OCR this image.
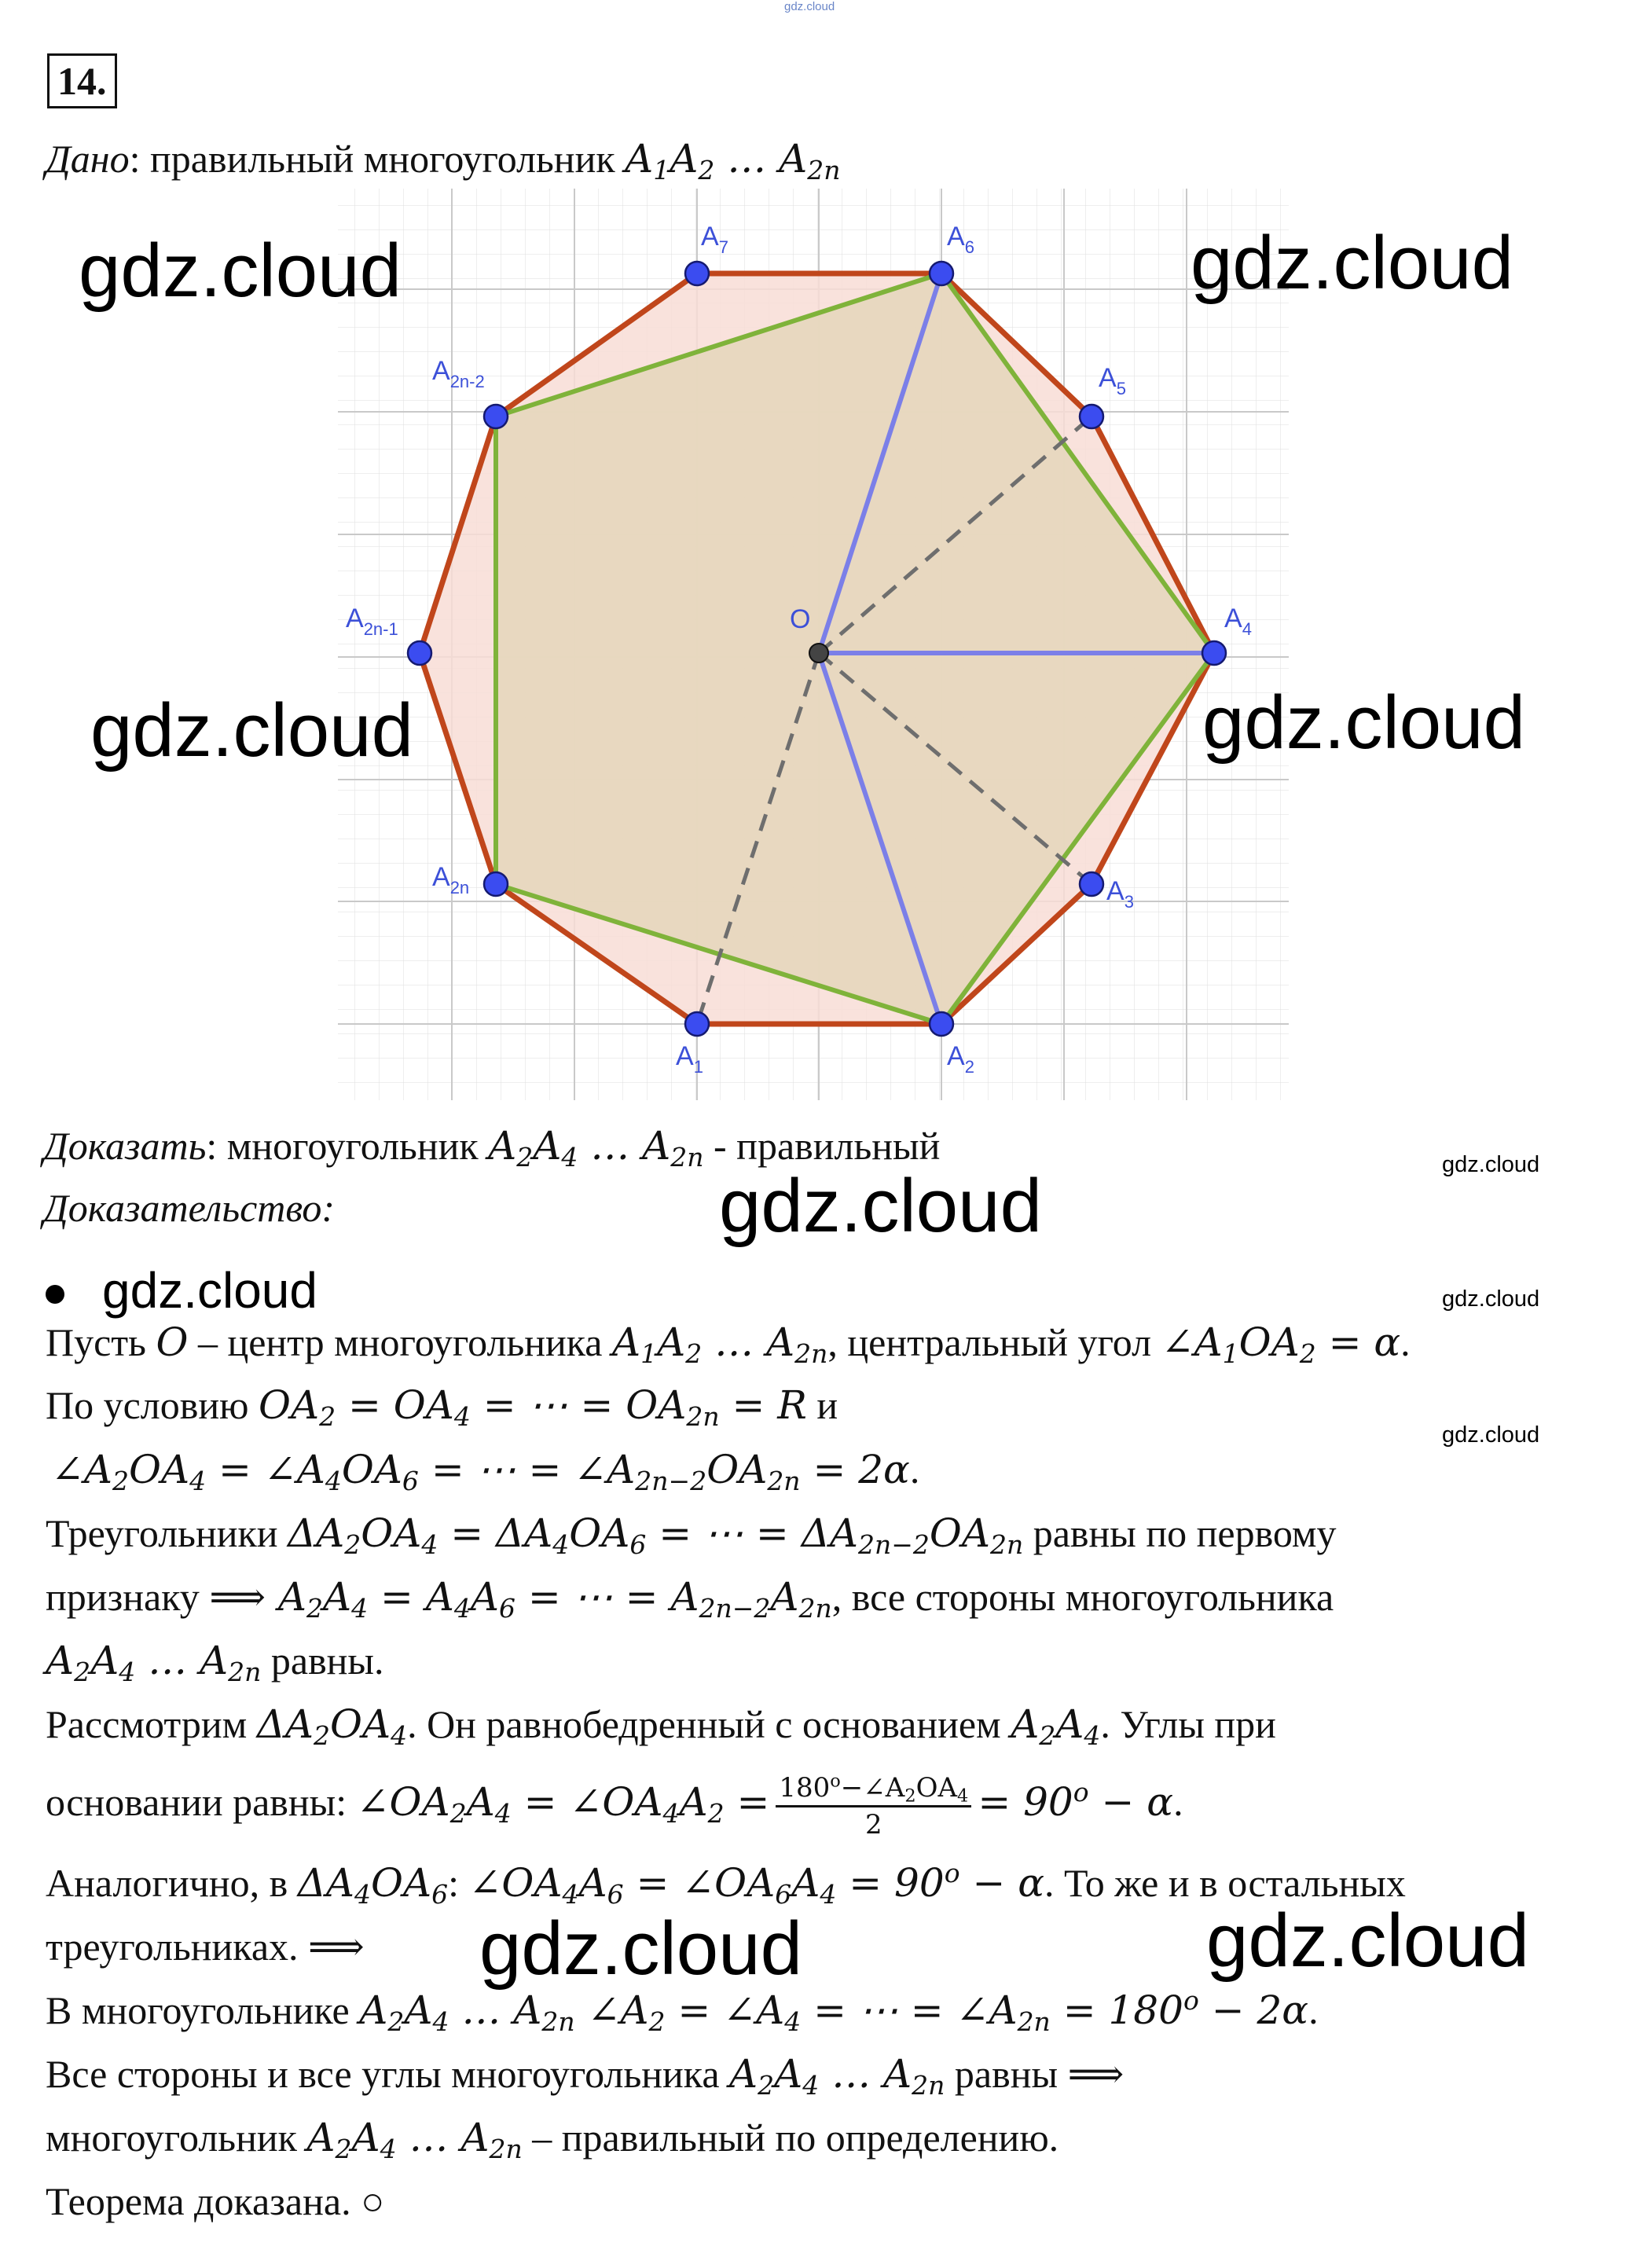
gdz.cloud
14.
Дано: правильный многоугольник $A_1A_2$ … $A_{2n}$
O
$A_1$	$A_2$
$A_3$
$A_4$
$A_5$
$A_6$
$A_7$
$A_{2n-2}$
$A_{2n-1}$
$A_{2n}$
Доказать: многоугольник $A_2A_4$ … $A_{2n}$ - правильный
Доказательство:
Пусть O – центр многоугольника $A_1A_2$ … $A_{2n}$, центральный угол $\angle A_1OA_2 = \alpha$.
По условию $OA_2 = OA_4$ = ⋯ = $OA_{2n} = R$ и
$\angle A_2OA_4$ = $\angle A_4OA_6$ = ⋯ = $\angle A_{2n-2}OA_{2n} = 2\alpha$.
Треугольники $\Delta A_2OA_4 = \Delta A_4OA_6$ = ⋯ = $\Delta A_{2n-2}OA_{2n}$ равны по первому
признаку ⟹ $A_2A_4 = A_4A_6$ = ⋯ = $A_{2n-2}A_{2n}$, все стороны многоугольника
$A_2A_4$ … $A_{2n}$ равны.
Рассмотрим $\Delta A_2OA_4$. Он равнобедренный с основанием $A_2A_4$. Углы при
основании равны: $\angle OA_2A_4$ = $\angle OA_4A_2 = \frac{180^o-\angle A_2OA_4}{2} = 90^o - \alpha$.
Аналогично, в $\Delta A_4OA_6$: $\angle OA_4A_6$ = $\angle OA_6A_4 = 90^o - \alpha$. То же и в остальных
треугольниках. ⟹
В многоугольнике $A_2A_4$ … $A_{2n}$ $\angle A_2$ = $\angle A_4$ = ⋯ = $\angle A_{2n} = 180^o - 2\alpha$.
Все стороны и все углы многоугольника $A_2A_4$ … $A_{2n}$ равны ⟹
многоугольник $A_2A_4$ … $A_{2n}$ – правильный по определению.
Теорема доказана. ○
gdz.cloud	gdz.cloud
gdz.cloud	gdz.cloud
gdz.cloud
gdz.cloud	gdz.cloud
gdz.cloud
gdz.cloud
gdz.cloud
gdz.cloud
